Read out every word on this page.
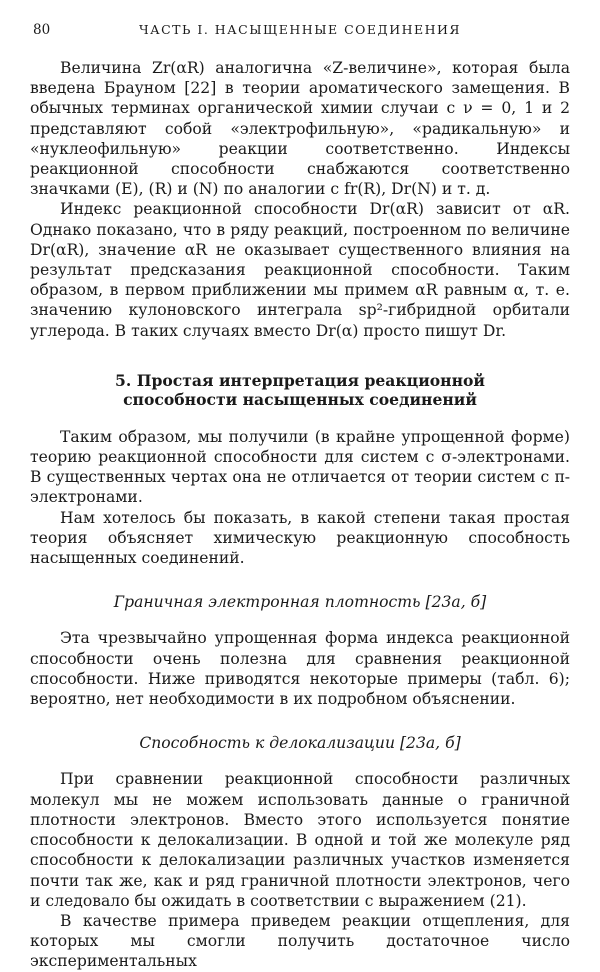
80	ЧАСТЬ I. НАСЫЩЕННЫЕ СОЕДИНЕНИЯ

Величина Zr(αR) аналогична «Z-величине», которая была введена Брауном [22] в теории ароматического замещения. В обычных терминах органической химии случаи с ν = 0, 1 и 2 представляют собой «электрофильную», «радикальную» и «нуклеофильную» реакции соответственно. Индексы реакционной способности снабжаются соответственно значками (E), (R) и (N) по аналогии с fr(R), Dr(N) и т. д.

Индекс реакционной способности Dr(αR) зависит от αR. Однако показано, что в ряду реакций, построенном по величине Dr(αR), значение αR не оказывает существенного влияния на результат предсказания реакционной способности. Таким образом, в первом приближении мы примем αR равным α, т. е. значению кулоновского интеграла sp²-гибридной орбитали углерода. В таких случаях вместо Dr(α) просто пишут Dr.

5. Простая интерпретация реакционной способности насыщенных соединений

Таким образом, мы получили (в крайне упрощенной форме) теорию реакционной способности для систем с σ-электронами. В существенных чертах она не отличается от теории систем с π-электронами.

Нам хотелось бы показать, в какой степени такая простая теория объясняет химическую реакционную способность насыщенных соединений.

Граничная электронная плотность [23а, б]

Эта чрезвычайно упрощенная форма индекса реакционной способности очень полезна для сравнения реакционной способности. Ниже приводятся некоторые примеры (табл. 6); вероятно, нет необходимости в их подробном объяснении.

Способность к делокализации [23а, б]

При сравнении реакционной способности различных молекул мы не можем использовать данные о граничной плотности электронов. Вместо этого используется понятие способности к делокализации. В одной и той же молекуле ряд способности к делокализации различных участков изменяется почти так же, как и ряд граничной плотности электронов, чего и следовало бы ожидать в соответствии с выражением (21).

В качестве примера приведем реакции отщепления, для которых мы смогли получить достаточное число экспериментальных
